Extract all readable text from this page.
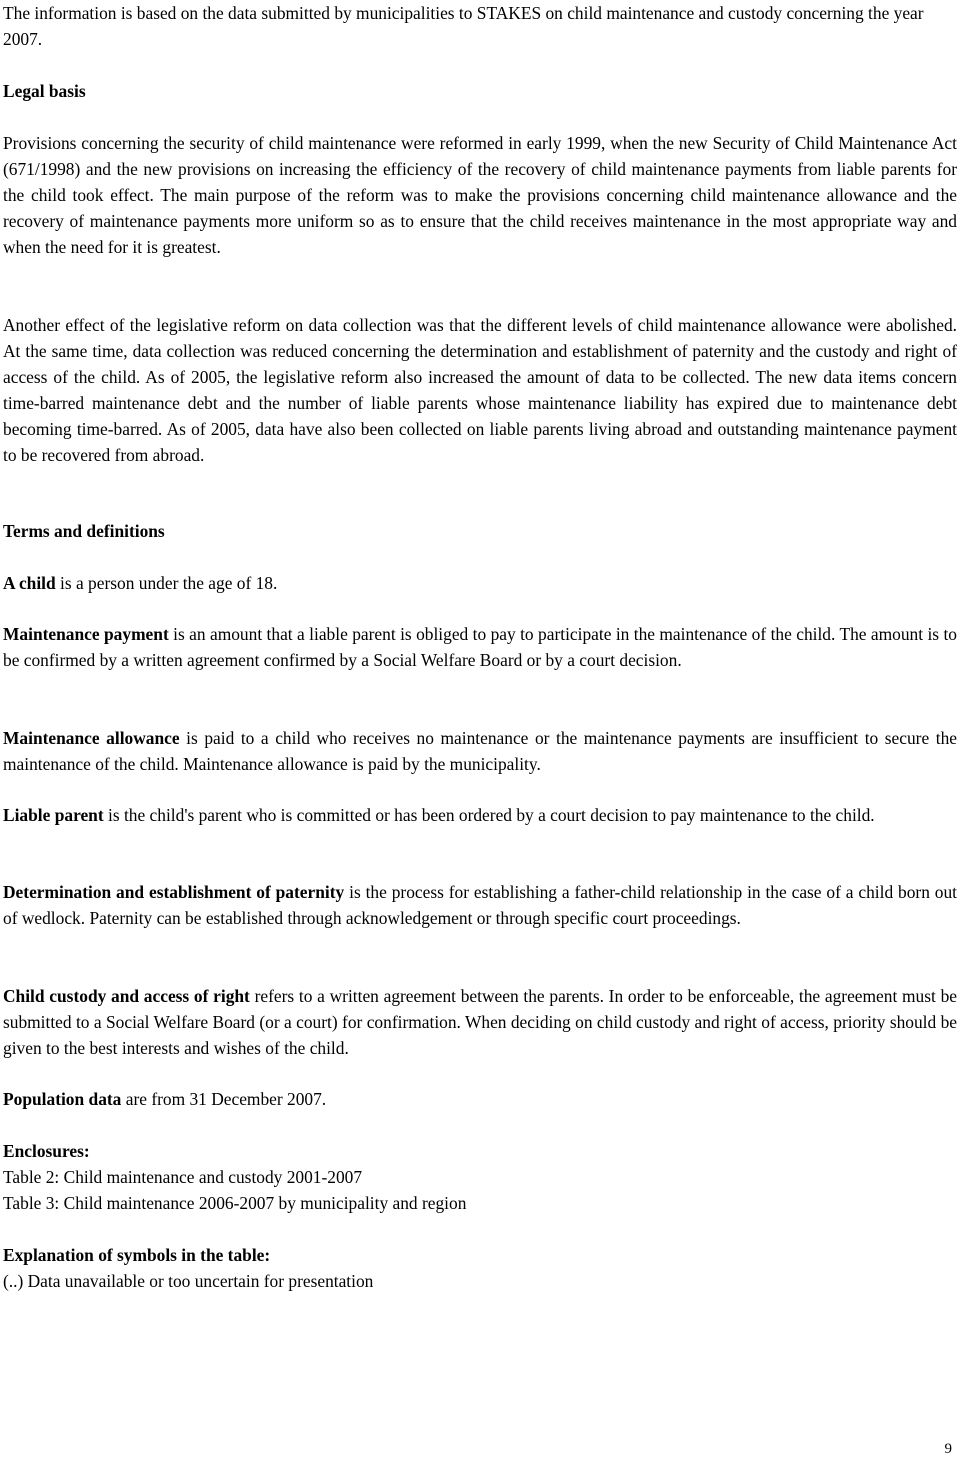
The information is based on the data submitted by municipalities to STAKES on child maintenance and custody concerning the year 2007.

Legal basis

Provisions concerning the security of child maintenance were reformed in early 1999, when the new Security of Child Maintenance Act (671/1998) and the new provisions on increasing the efficiency of the recovery of child maintenance payments from liable parents for the child took effect. The main purpose of the reform was to make the provisions concerning child maintenance allowance and the recovery of maintenance payments more uniform so as to ensure that the child receives maintenance in the most appropriate way and when the need for it is greatest.

Another effect of the legislative reform on data collection was that the different levels of child maintenance allowance were abolished. At the same time, data collection was reduced concerning the determination and establishment of paternity and the custody and right of access of the child. As of 2005, the legislative reform also increased the amount of data to be collected. The new data items concern time-barred maintenance debt and the number of liable parents whose maintenance liability has expired due to maintenance debt becoming time-barred. As of 2005, data have also been collected on liable parents living abroad and outstanding maintenance payment to be recovered from abroad.

Terms and definitions

A child is a person under the age of 18.

Maintenance payment is an amount that a liable parent is obliged to pay to participate in the maintenance of the child. The amount is to be confirmed by a written agreement confirmed by a Social Welfare Board or by a court decision.

Maintenance allowance is paid to a child who receives no maintenance or the maintenance payments are insufficient to secure the maintenance of the child. Maintenance allowance is paid by the municipality.

Liable parent is the child's parent who is committed or has been ordered by a court decision to pay maintenance to the child.

Determination and establishment of paternity is the process for establishing a father-child relationship in the case of a child born out of wedlock. Paternity can be established through acknowledgement or through specific court proceedings.

Child custody and access of right refers to a written agreement between the parents. In order to be enforceable, the agreement must be submitted to a Social Welfare Board (or a court) for confirmation. When deciding on child custody and right of access, priority should be given to the best interests and wishes of the child.

Population data are from 31 December 2007.

Enclosures:
Table 2: Child maintenance and custody 2001-2007
Table 3: Child maintenance 2006-2007 by municipality and region
Explanation of symbols in the table:
(..) Data unavailable or too uncertain for presentation
9
